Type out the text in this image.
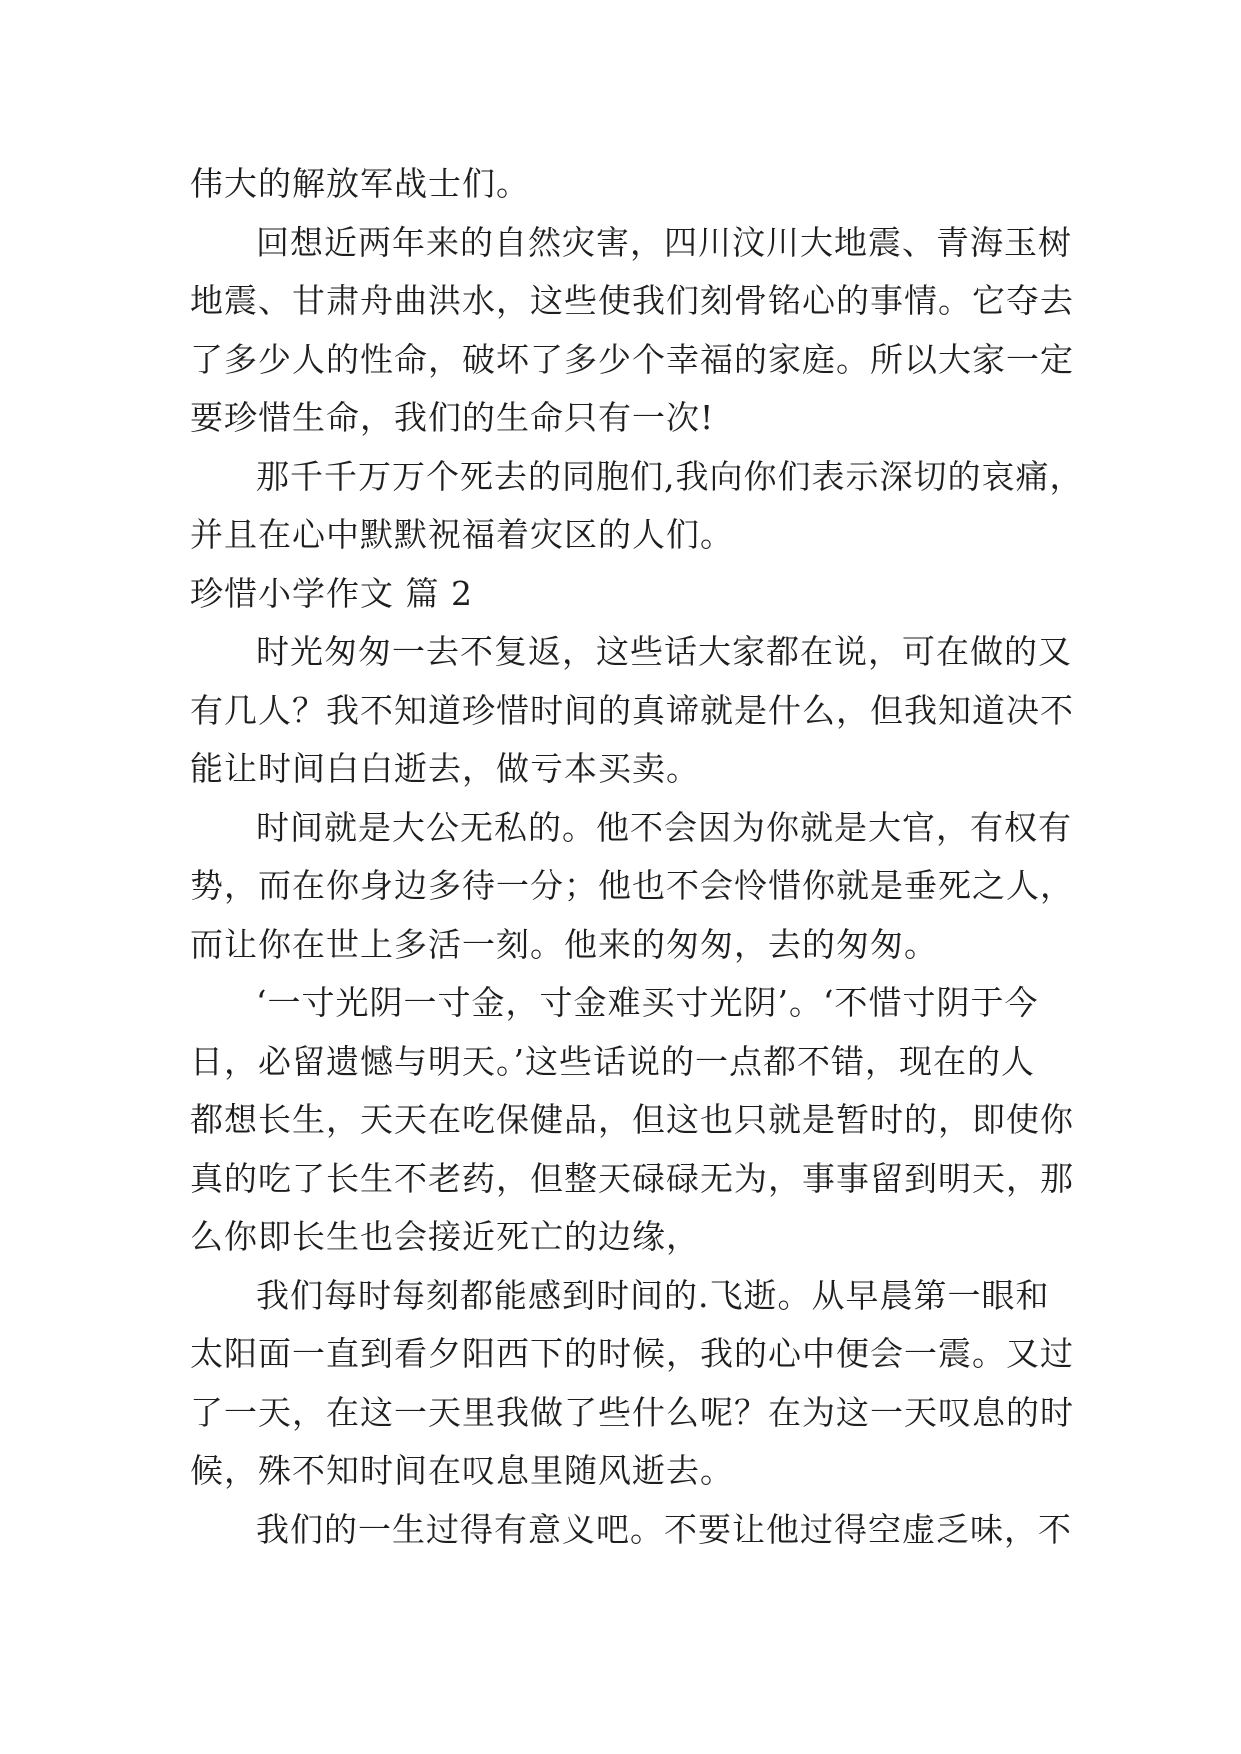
伟大的解放军战士们。
回想近两年来的自然灾害，四川汶川大地震、青海玉树
地震、甘肃舟曲洪水，这些使我们刻骨铭心的事情。它夺去
了多少人的性命，破坏了多少个幸福的家庭。所以大家一定
要珍惜生命，我们的生命只有一次!
那千千万万个死去的同胞们,我向你们表示深切的哀痛，
并且在心中默默祝福着灾区的人们。
珍惜小学作文 篇 2
时光匆匆一去不复返，这些话大家都在说，可在做的又
有几人？我不知道珍惜时间的真谛就是什么，但我知道决不
能让时间白白逝去，做亏本买卖。
时间就是大公无私的。他不会因为你就是大官，有权有
势，而在你身边多待一分；他也不会怜惜你就是垂死之人，
而让你在世上多活一刻。他来的匆匆，去的匆匆。
‘一寸光阴一寸金，寸金难买寸光阴’。‘不惜寸阴于今
日，必留遗憾与明天。’这些话说的一点都不错，现在的人
都想长生，天天在吃保健品，但这也只就是暂时的，即使你
真的吃了长生不老药，但整天碌碌无为，事事留到明天，那
么你即长生也会接近死亡的边缘，
我们每时每刻都能感到时间的.飞逝。从早晨第一眼和
太阳面一直到看夕阳西下的时候，我的心中便会一震。又过
了一天，在这一天里我做了些什么呢？在为这一天叹息的时
候，殊不知时间在叹息里随风逝去。
我们的一生过得有意义吧。不要让他过得空虚乏味，不
